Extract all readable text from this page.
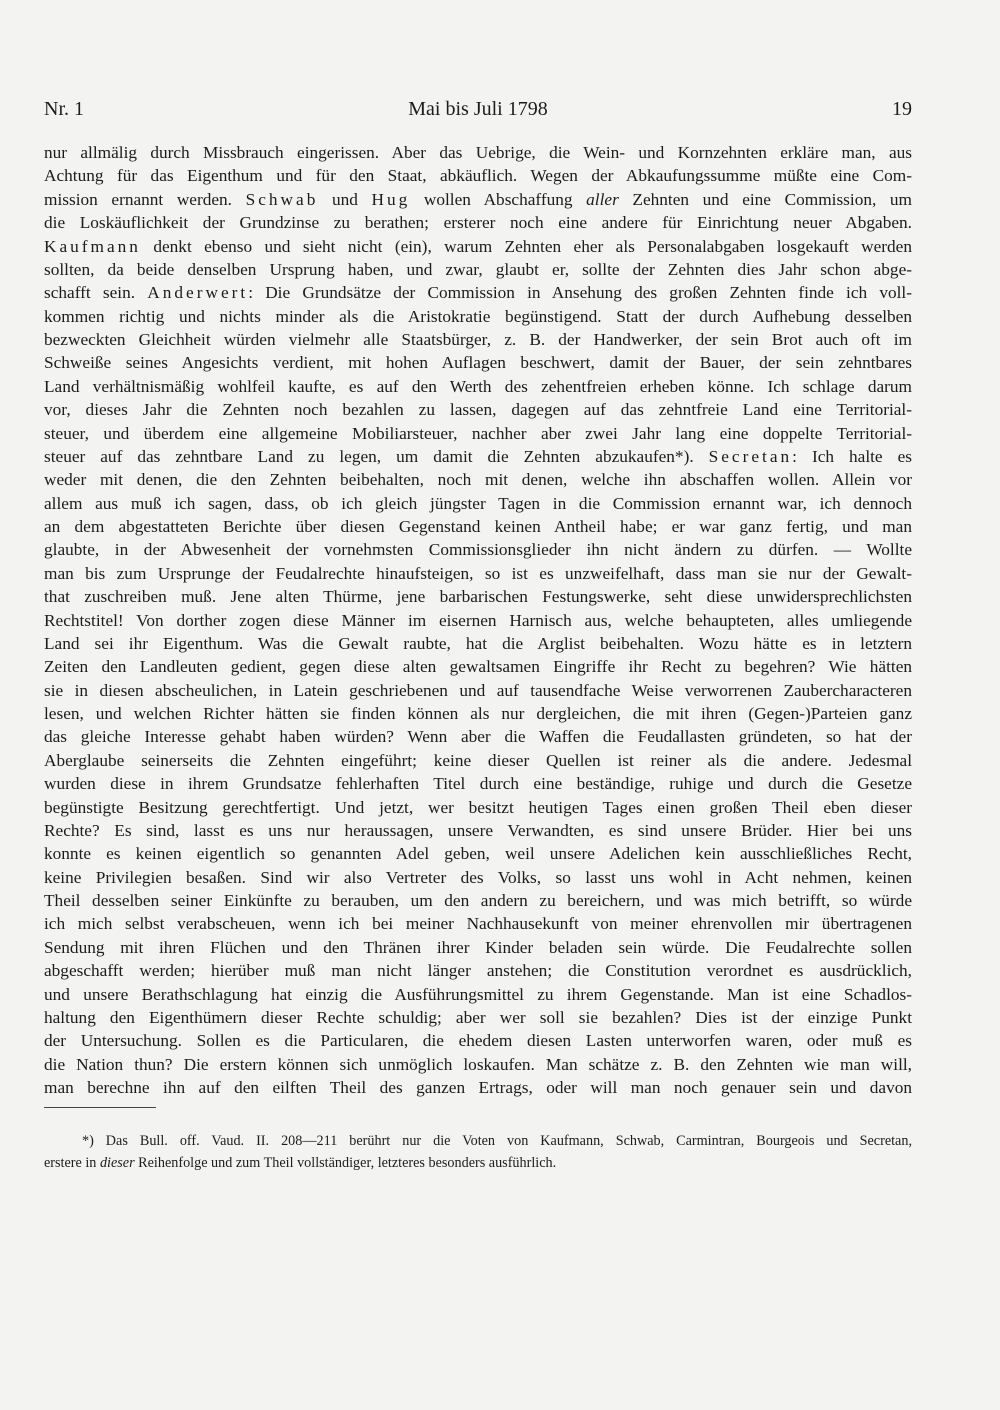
Nr. 1	Mai bis Juli 1798	19
nur allmälig durch Missbrauch eingerissen. Aber das Uebrige, die Wein- und Kornzehnten erkläre man, aus
Achtung für das Eigenthum und für den Staat, abkäuflich. Wegen der Abkaufungssumme müßte eine Com-
mission ernannt werden. Schwab und Hug wollen Abschaffung aller Zehnten und eine Commission, um
die Loskäuflichkeit der Grundzinse zu berathen; ersterer noch eine andere für Einrichtung neuer Abgaben.
Kaufmann denkt ebenso und sieht nicht (ein), warum Zehnten eher als Personalabgaben losgekauft werden
sollten, da beide denselben Ursprung haben, und zwar, glaubt er, sollte der Zehnten dies Jahr schon abge-
schafft sein. Anderwert: Die Grundsätze der Commission in Ansehung des großen Zehnten finde ich voll-
kommen richtig und nichts minder als die Aristokratie begünstigend. Statt der durch Aufhebung desselben
bezweckten Gleichheit würden vielmehr alle Staatsbürger, z. B. der Handwerker, der sein Brot auch oft im
Schweiße seines Angesichts verdient, mit hohen Auflagen beschwert, damit der Bauer, der sein zehntbares
Land verhältnismäßig wohlfeil kaufte, es auf den Werth des zehentfreien erheben könne. Ich schlage darum
vor, dieses Jahr die Zehnten noch bezahlen zu lassen, dagegen auf das zehntfreie Land eine Territorial-
steuer, und überdem eine allgemeine Mobiliarsteuer, nachher aber zwei Jahr lang eine doppelte Territorial-
steuer auf das zehntbare Land zu legen, um damit die Zehnten abzukaufen*). Secretan: Ich halte es
weder mit denen, die den Zehnten beibehalten, noch mit denen, welche ihn abschaffen wollen. Allein vor
allem aus muß ich sagen, dass, ob ich gleich jüngster Tagen in die Commission ernannt war, ich dennoch
an dem abgestatteten Berichte über diesen Gegenstand keinen Antheil habe; er war ganz fertig, und man
glaubte, in der Abwesenheit der vornehmsten Commissionsglieder ihn nicht ändern zu dürfen. — Wollte
man bis zum Ursprunge der Feudalrechte hinaufsteigen, so ist es unzweifelhaft, dass man sie nur der Gewalt-
that zuschreiben muß. Jene alten Thürme, jene barbarischen Festungswerke, seht diese unwidersprechlichsten
Rechtstitel! Von dorther zogen diese Männer im eisernen Harnisch aus, welche behaupteten, alles umliegende
Land sei ihr Eigenthum. Was die Gewalt raubte, hat die Arglist beibehalten. Wozu hätte es in letztern
Zeiten den Landleuten gedient, gegen diese alten gewaltsamen Eingriffe ihr Recht zu begehren? Wie hätten
sie in diesen abscheulichen, in Latein geschriebenen und auf tausendfache Weise verworrenen Zaubercharacteren
lesen, und welchen Richter hätten sie finden können als nur dergleichen, die mit ihren (Gegen-)Parteien ganz
das gleiche Interesse gehabt haben würden? Wenn aber die Waffen die Feudallasten gründeten, so hat der
Aberglaube seinerseits die Zehnten eingeführt; keine dieser Quellen ist reiner als die andere. Jedesmal
wurden diese in ihrem Grundsatze fehlerhaften Titel durch eine beständige, ruhige und durch die Gesetze
begünstigte Besitzung gerechtfertigt. Und jetzt, wer besitzt heutigen Tages einen großen Theil eben dieser
Rechte? Es sind, lasst es uns nur heraussagen, unsere Verwandten, es sind unsere Brüder. Hier bei uns
konnte es keinen eigentlich so genannten Adel geben, weil unsere Adelichen kein ausschließliches Recht,
keine Privilegien besaßen. Sind wir also Vertreter des Volks, so lasst uns wohl in Acht nehmen, keinen
Theil desselben seiner Einkünfte zu berauben, um den andern zu bereichern, und was mich betrifft, so würde
ich mich selbst verabscheuen, wenn ich bei meiner Nachhausekunft von meiner ehrenvollen mir übertragenen
Sendung mit ihren Flüchen und den Thränen ihrer Kinder beladen sein würde. Die Feudalrechte sollen
abgeschafft werden; hierüber muß man nicht länger anstehen; die Constitution verordnet es ausdrücklich,
und unsere Berathschlagung hat einzig die Ausführungsmittel zu ihrem Gegenstande. Man ist eine Schadlos-
haltung den Eigenthümern dieser Rechte schuldig; aber wer soll sie bezahlen? Dies ist der einzige Punkt
der Untersuchung. Sollen es die Particularen, die ehedem diesen Lasten unterworfen waren, oder muß es
die Nation thun? Die erstern können sich unmöglich loskaufen. Man schätze z. B. den Zehnten wie man will,
man berechne ihn auf den eilften Theil des ganzen Ertrags, oder will man noch genauer sein und davon
*) Das Bull. off. Vaud. II. 208—211 berührt nur die Voten von Kaufmann, Schwab, Carmintran, Bourgeois und Secretan,
erstere in dieser Reihenfolge und zum Theil vollständiger, letzteres besonders ausführlich.
